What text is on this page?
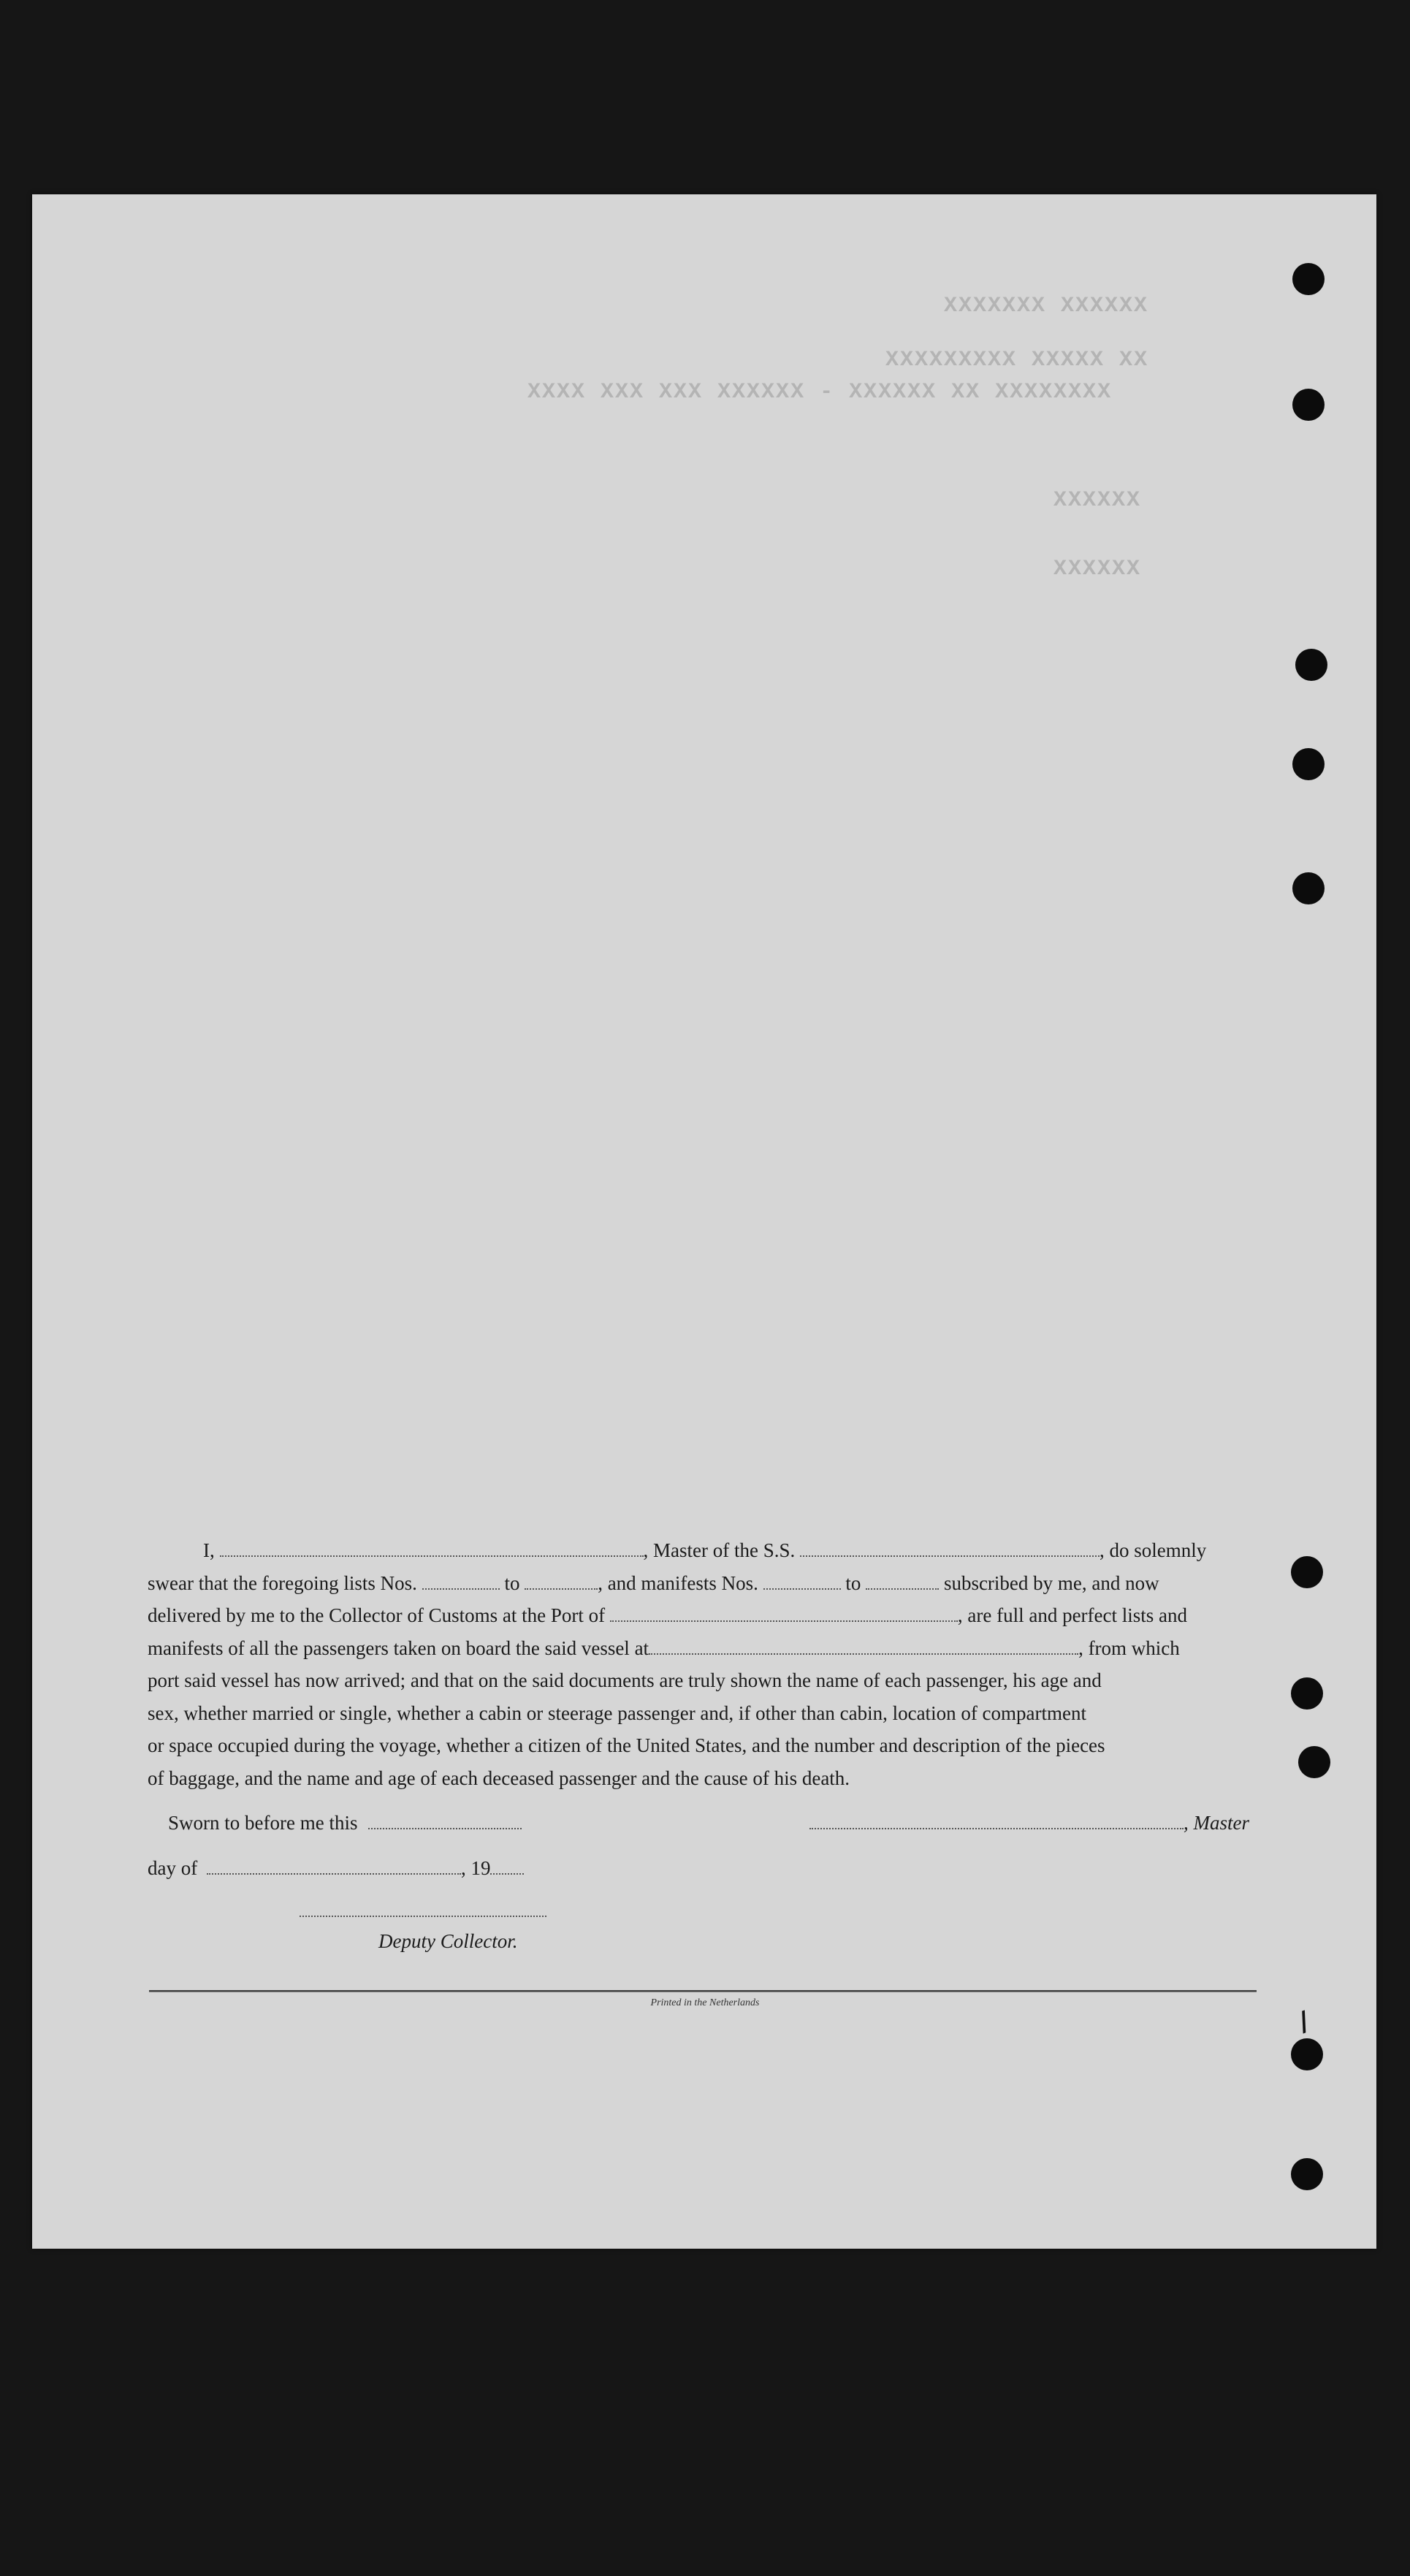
XXXXXX XXXXXXX
XX XXXXX XXXXXXXXX
XXXXXXXX XX XXXXXX - XXXXXX XXX XXX XXXX
XXXXXX
XXXXXX
I,	, Master of the S.S.	, do solemnly
swear that the foregoing lists Nos.	to	, and manifests Nos.	to	subscribed by me, and now
delivered by me to the Collector of Customs at the Port of	, are full and perfect lists and
manifests of all the passengers taken on board the said vessel at	, from which
port said vessel has now arrived; and that on the said documents are truly shown the name of each passenger, his age and
sex, whether married or single, whether a cabin or steerage passenger and, if other than cabin, location of compartment
or space occupied during the voyage, whether a citizen of the United States, and the number and description of the pieces
of baggage, and the name and age of each deceased passenger and the cause of his death.
Sworn to before me this	, Master
day of	, 19
Deputy Collector.
Printed in the Netherlands
/
